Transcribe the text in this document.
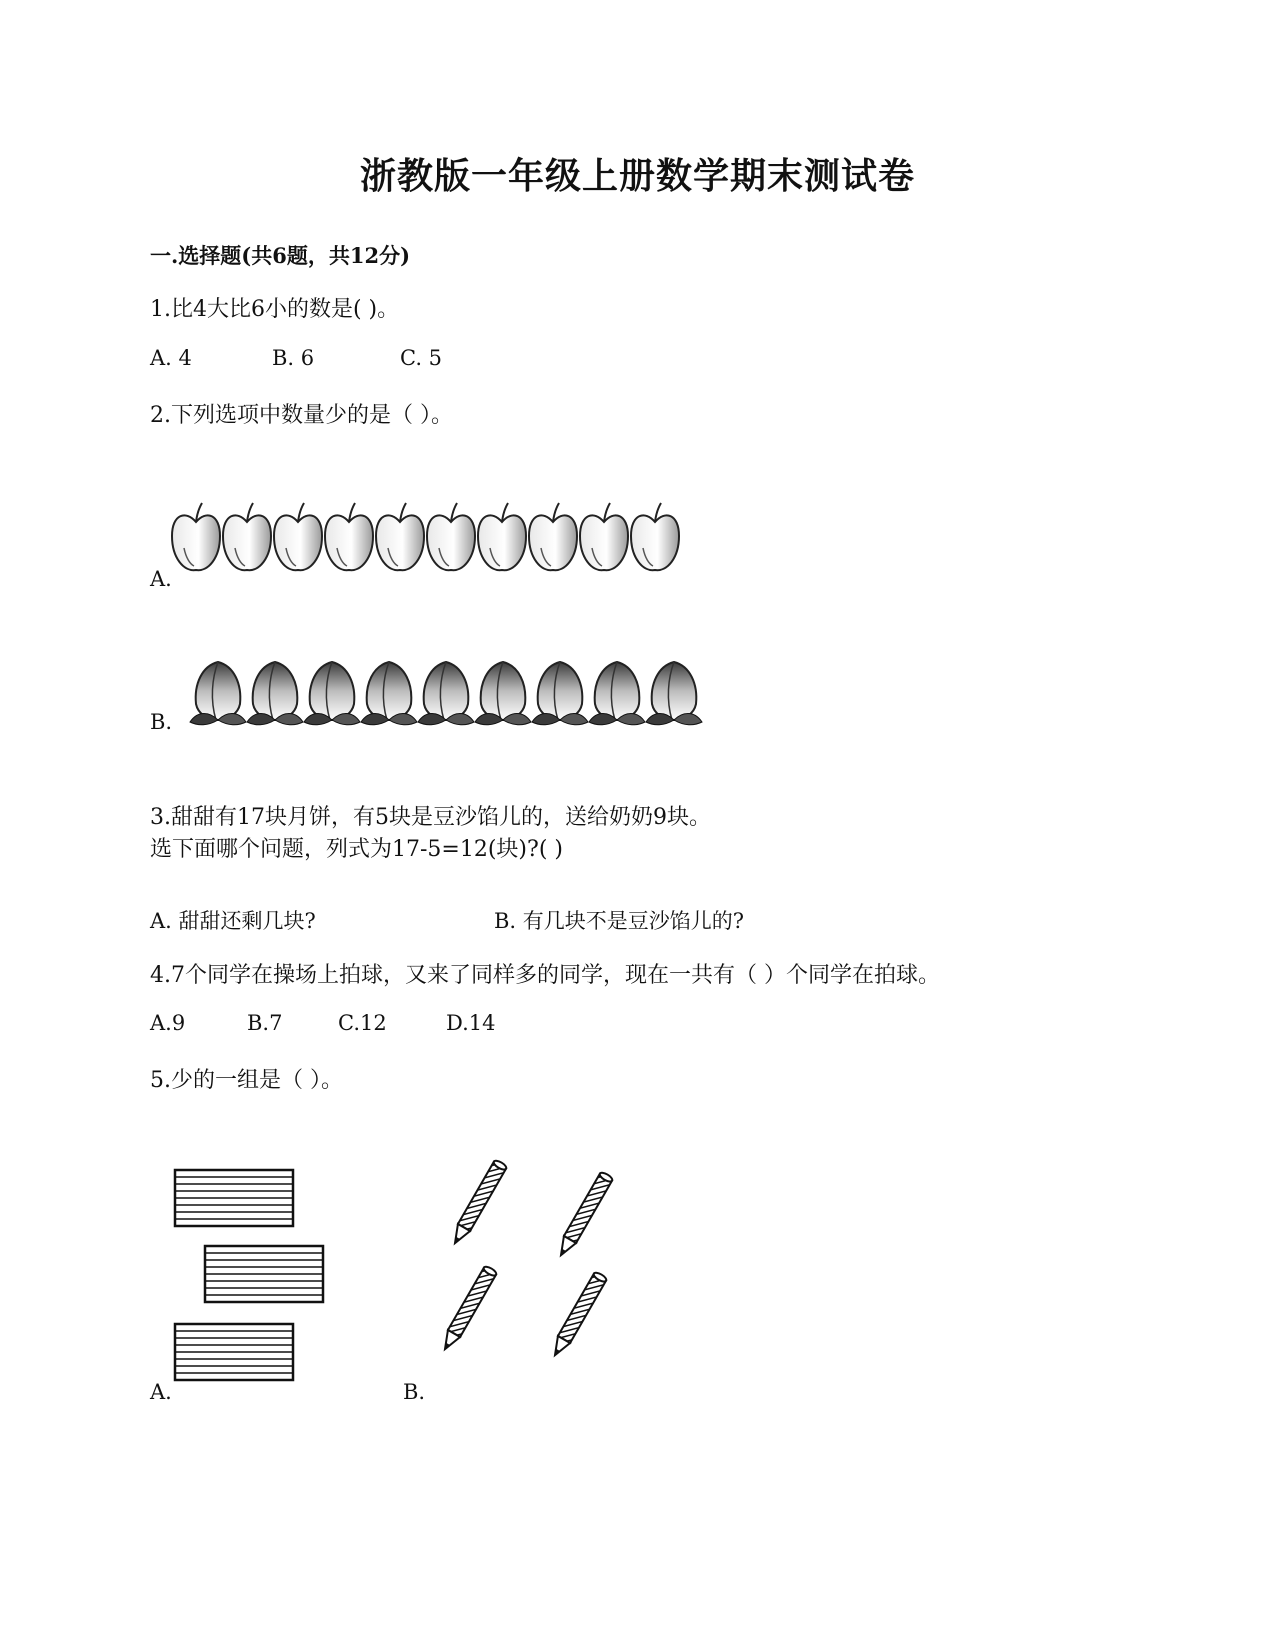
浙教版一年级上册数学期末测试卷
一.选择题(共6题，共12分)
1.比4大比6小的数是( )。
A. 4	B. 6	C. 5
2.下列选项中数量少的是（ ）。
A.
B.
3.甜甜有17块月饼，有5块是豆沙馅儿的，送给奶奶9块。
选下面哪个问题，列式为17-5=12(块)?( )
A. 甜甜还剩几块?	B. 有几块不是豆沙馅儿的?
4.7个同学在操场上拍球，又来了同样多的同学，现在一共有（ ）个同学在拍球。
A.9	B.7	C.12	D.14
5.少的一组是（ ）。
A.	B.
